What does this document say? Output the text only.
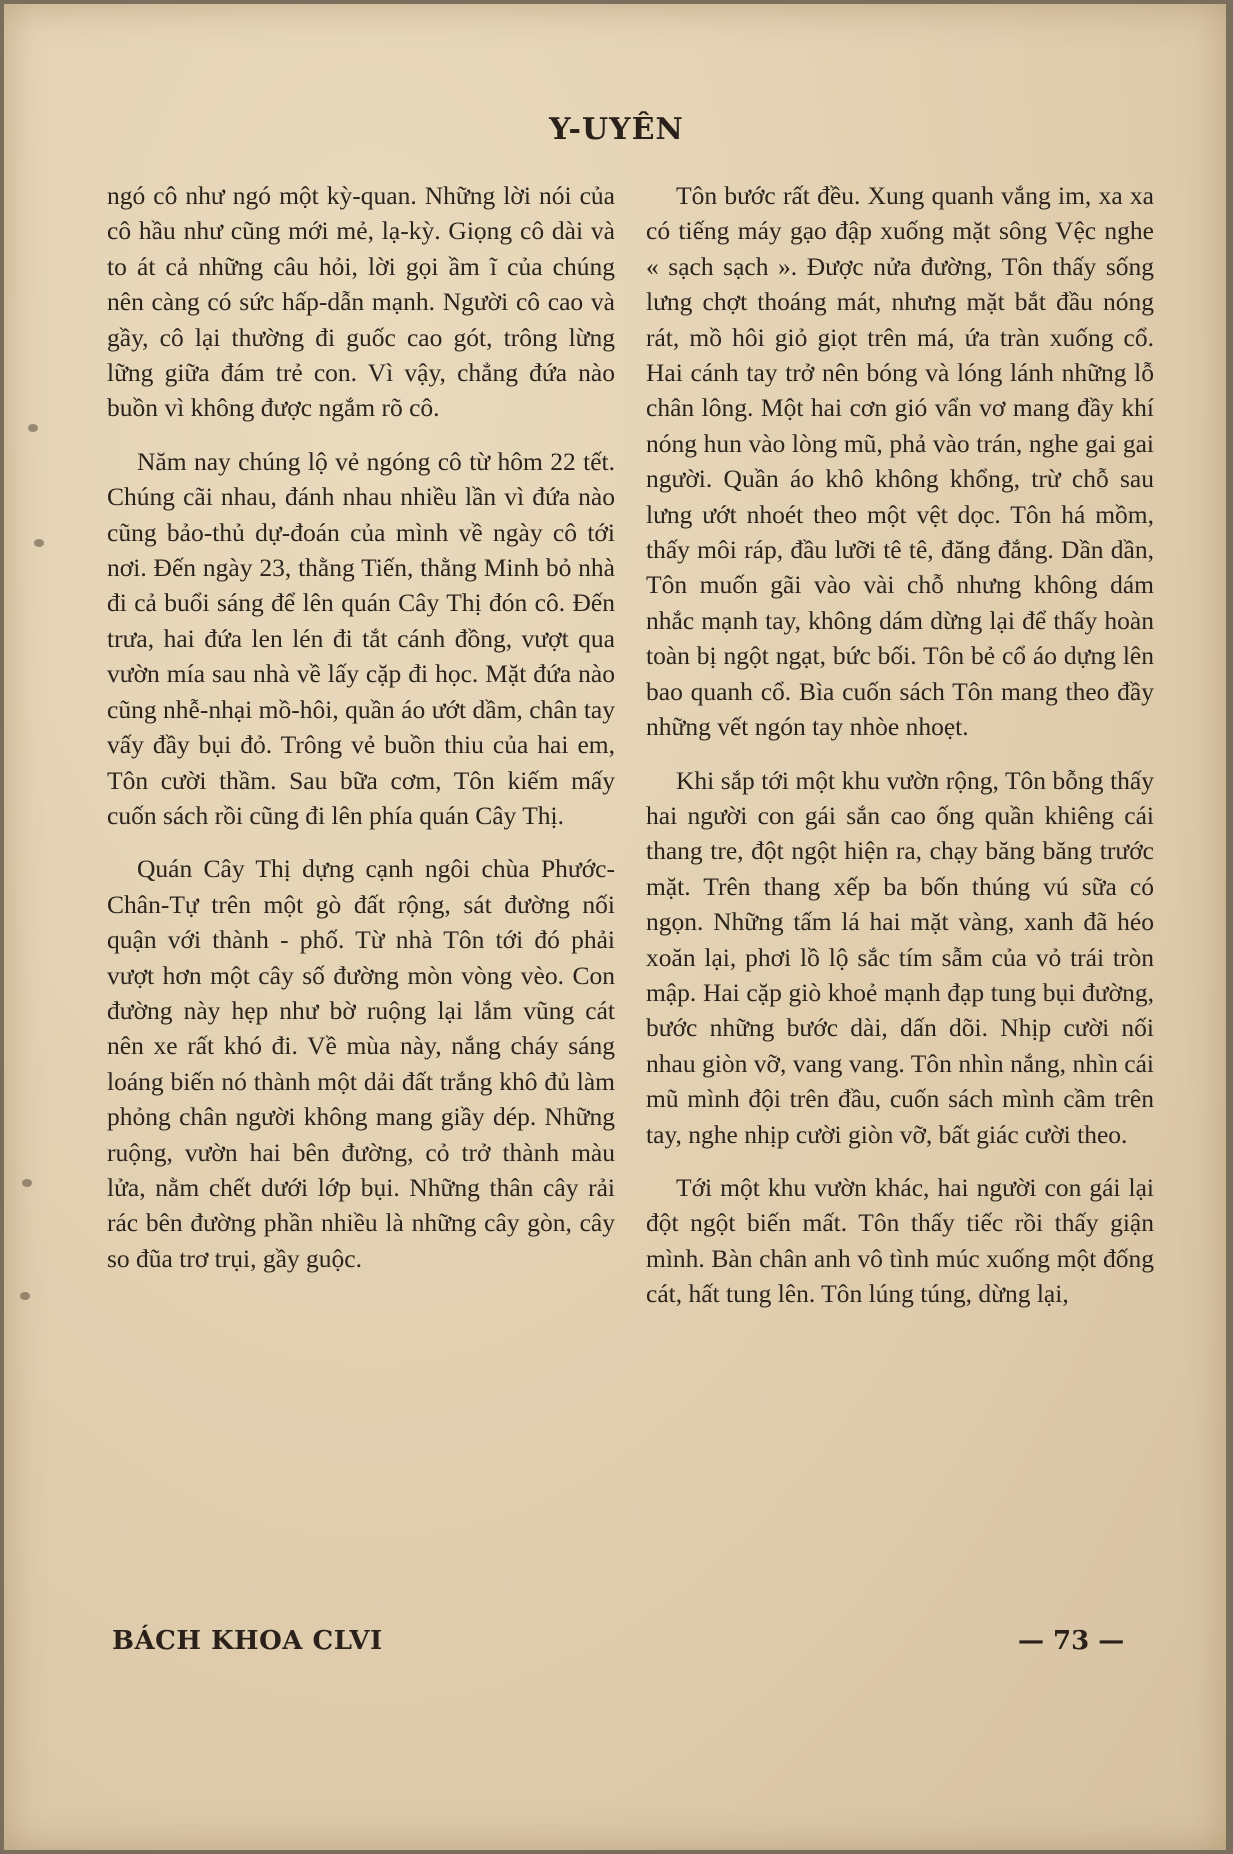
Y-UYÊN

ngó cô như ngó một kỳ-quan. Những lời nói của cô hầu như cũng mới mẻ, lạ-kỳ. Giọng cô dài và to át cả những câu hỏi, lời gọi ầm ĩ của chúng nên càng có sức hấp-dẫn mạnh. Người cô cao và gầy, cô lại thường đi guốc cao gót, trông lừng lững giữa đám trẻ con. Vì vậy, chẳng đứa nào buồn vì không được ngắm rõ cô.

Năm nay chúng lộ vẻ ngóng cô từ hôm 22 tết. Chúng cãi nhau, đánh nhau nhiều lần vì đứa nào cũng bảo-thủ dự-đoán của mình về ngày cô tới nơi. Đến ngày 23, thằng Tiến, thằng Minh bỏ nhà đi cả buổi sáng để lên quán Cây Thị đón cô. Đến trưa, hai đứa len lén đi tắt cánh đồng, vượt qua vườn mía sau nhà về lấy cặp đi học. Mặt đứa nào cũng nhễ-nhại mồ-hôi, quần áo ướt dầm, chân tay vấy đầy bụi đỏ. Trông vẻ buồn thiu của hai em, Tôn cười thầm. Sau bữa cơm, Tôn kiếm mấy cuốn sách rồi cũng đi lên phía quán Cây Thị.

Quán Cây Thị dựng cạnh ngôi chùa Phước-Chân-Tự trên một gò đất rộng, sát đường nối quận với thành - phố. Từ nhà Tôn tới đó phải vượt hơn một cây số đường mòn vòng vèo. Con đường này hẹp như bờ ruộng lại lắm vũng cát nên xe rất khó đi. Về mùa này, nắng cháy sáng loáng biến nó thành một dải đất trắng khô đủ làm phỏng chân người không mang giầy dép. Những ruộng, vườn hai bên đường, cỏ trở thành màu lửa, nằm chết dưới lớp bụi. Những thân cây rải rác bên đường phần nhiều là những cây gòn, cây so đũa trơ trụi, gầy guộc.

Tôn bước rất đều. Xung quanh vắng im, xa xa có tiếng máy gạo đập xuống mặt sông Vệc nghe « sạch sạch ». Được nửa đường, Tôn thấy sống lưng chợt thoáng mát, nhưng mặt bắt đầu nóng rát, mồ hôi giỏ giọt trên má, ứa tràn xuống cổ. Hai cánh tay trở nên bóng và lóng lánh những lỗ chân lông. Một hai cơn gió vẩn vơ mang đầy khí nóng hun vào lòng mũ, phả vào trán, nghe gai gai người. Quần áo khô không khổng, trừ chỗ sau lưng ướt nhoét theo một vệt dọc. Tôn há mồm, thấy môi ráp, đầu lưỡi tê tê, đăng đắng. Dần dần, Tôn muốn gãi vào vài chỗ nhưng không dám nhắc mạnh tay, không dám dừng lại để thấy hoàn toàn bị ngột ngạt, bức bối. Tôn bẻ cổ áo dựng lên bao quanh cổ. Bìa cuốn sách Tôn mang theo đầy những vết ngón tay nhòe nhoẹt.

Khi sắp tới một khu vườn rộng, Tôn bỗng thấy hai người con gái sắn cao ống quần khiêng cái thang tre, đột ngột hiện ra, chạy băng băng trước mặt. Trên thang xếp ba bốn thúng vú sữa có ngọn. Những tấm lá hai mặt vàng, xanh đã héo xoăn lại, phơi lồ lộ sắc tím sẫm của vỏ trái tròn mập. Hai cặp giò khoẻ mạnh đạp tung bụi đường, bước những bước dài, dấn dõi. Nhịp cười nối nhau giòn vỡ, vang vang. Tôn nhìn nắng, nhìn cái mũ mình đội trên đầu, cuốn sách mình cầm trên tay, nghe nhịp cười giòn vỡ, bất giác cười theo.

Tới một khu vườn khác, hai người con gái lại đột ngột biến mất. Tôn thấy tiếc rồi thấy giận mình. Bàn chân anh vô tình múc xuống một đống cát, hất tung lên. Tôn lúng túng, dừng lại,

BÁCH KHOA CLVI	— 73 —
